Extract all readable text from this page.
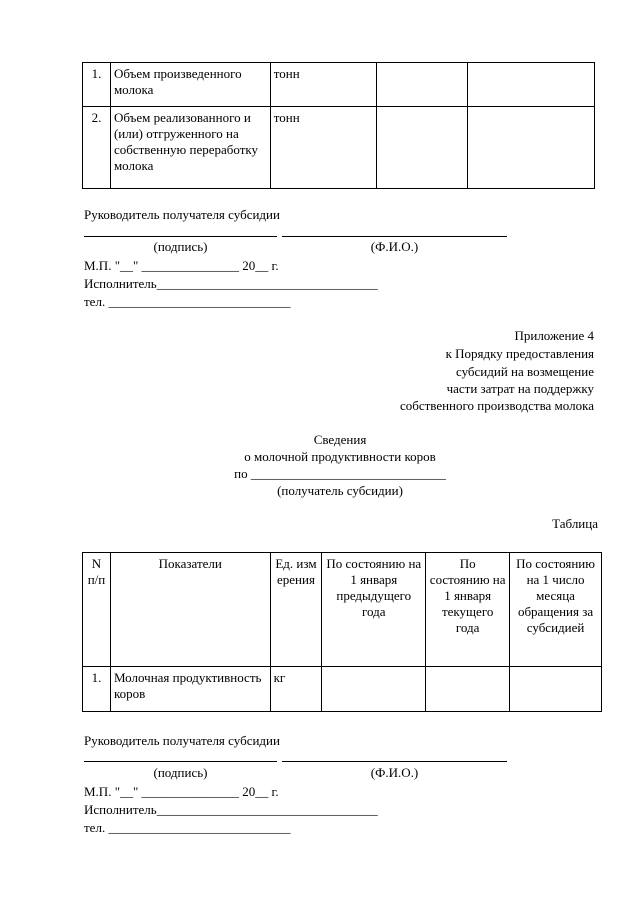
1.	Объем произведенного молока	тонн		
2.	Объем реализованного и (или) отгруженного на собственную переработку молока	тонн		
Руководитель получателя субсидии
(подпись)	(Ф.И.О.)
М.П. "__" _______________ 20__ г.
Исполнитель__________________________________
тел. ____________________________
Приложение 4
к Порядку предоставления
субсидий на возмещение
части затрат на поддержку
собственного производства молока
Сведения
о молочной продуктивности коров
по ______________________________
(получатель субсидии)
Таблица
N п/п	Показатели	Ед. измерения	По состоянию на 1 января предыдущего года	По состоянию на 1 января текущего года	По состоянию на 1 число месяца обращения за субсидией
1.	Молочная продуктивность коров	кг			
Руководитель получателя субсидии
(подпись)	(Ф.И.О.)
М.П. "__" _______________ 20__ г.
Исполнитель__________________________________
тел. ____________________________
